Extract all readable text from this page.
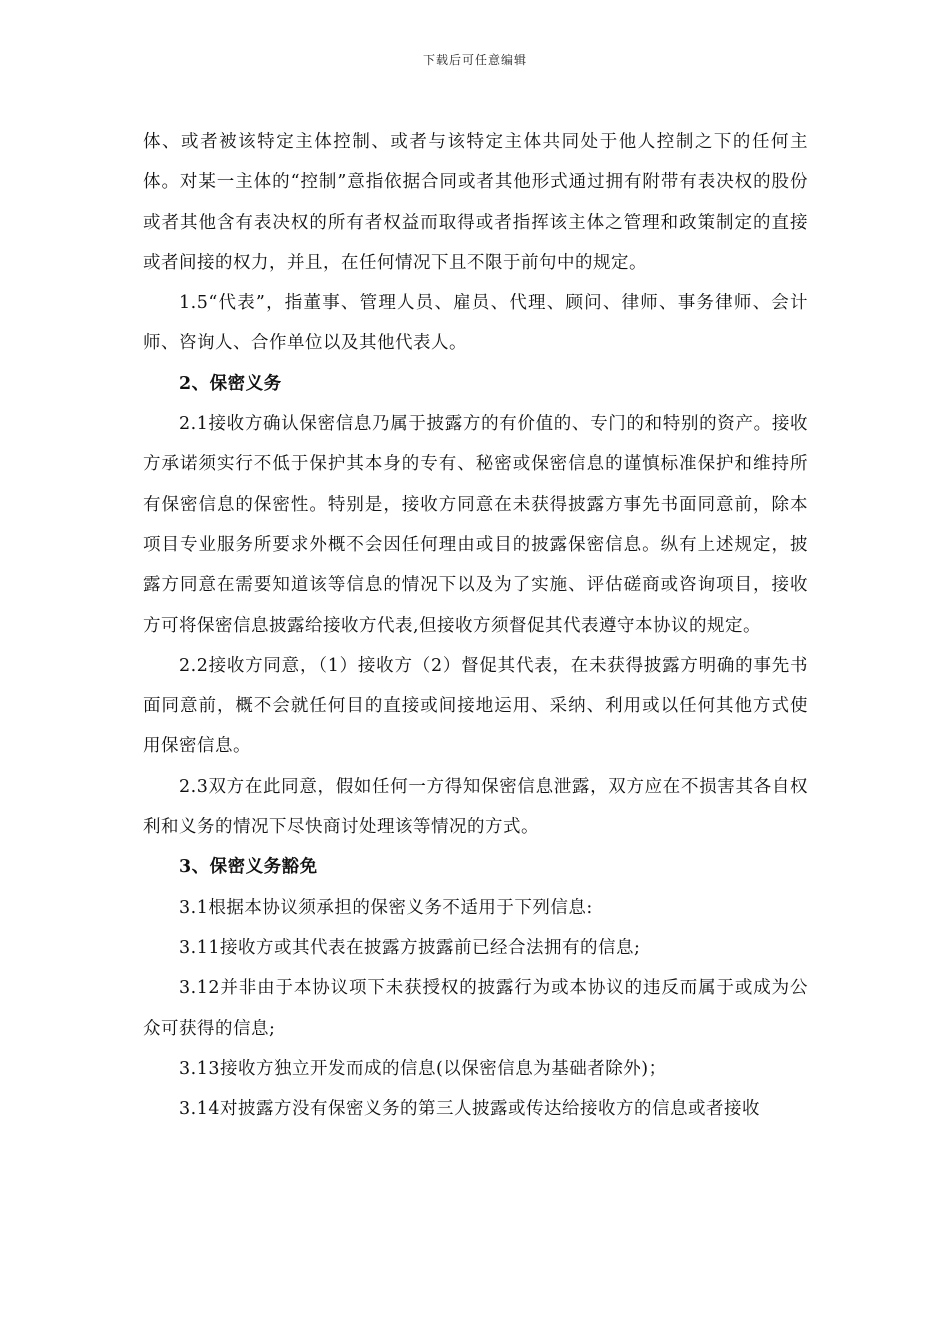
下载后可任意编辑

体、或者被该特定主体控制、或者与该特定主体共同处于他人控制之下的任何主体。对某一主体的“控制”意指依据合同或者其他形式通过拥有附带有表决权的股份或者其他含有表决权的所有者权益而取得或者指挥该主体之管理和政策制定的直接或者间接的权力，并且，在任何情况下且不限于前句中的规定。

1.5“代表”，指董事、管理人员、雇员、代理、顾问、律师、事务律师、会计师、咨询人、合作单位以及其他代表人。

2、保密义务

2.1接收方确认保密信息乃属于披露方的有价值的、专门的和特别的资产。接收方承诺须实行不低于保护其本身的专有、秘密或保密信息的谨慎标准保护和维持所有保密信息的保密性。特别是，接收方同意在未获得披露方事先书面同意前，除本项目专业服务所要求外概不会因任何理由或目的披露保密信息。纵有上述规定，披露方同意在需要知道该等信息的情况下以及为了实施、评估磋商或咨询项目，接收方可将保密信息披露给接收方代表,但接收方须督促其代表遵守本协议的规定。

2.2接收方同意，（1）接收方（2）督促其代表，在未获得披露方明确的事先书面同意前，概不会就任何目的直接或间接地运用、采纳、利用或以任何其他方式使用保密信息。

2.3双方在此同意，假如任何一方得知保密信息泄露，双方应在不损害其各自权利和义务的情况下尽快商讨处理该等情况的方式。

3、保密义务豁免

3.1根据本协议须承担的保密义务不适用于下列信息:

3.11接收方或其代表在披露方披露前已经合法拥有的信息;

3.12并非由于本协议项下未获授权的披露行为或本协议的违反而属于或成为公众可获得的信息;

3.13接收方独立开发而成的信息(以保密信息为基础者除外)；

3.14对披露方没有保密义务的第三人披露或传达给接收方的信息或者接收
